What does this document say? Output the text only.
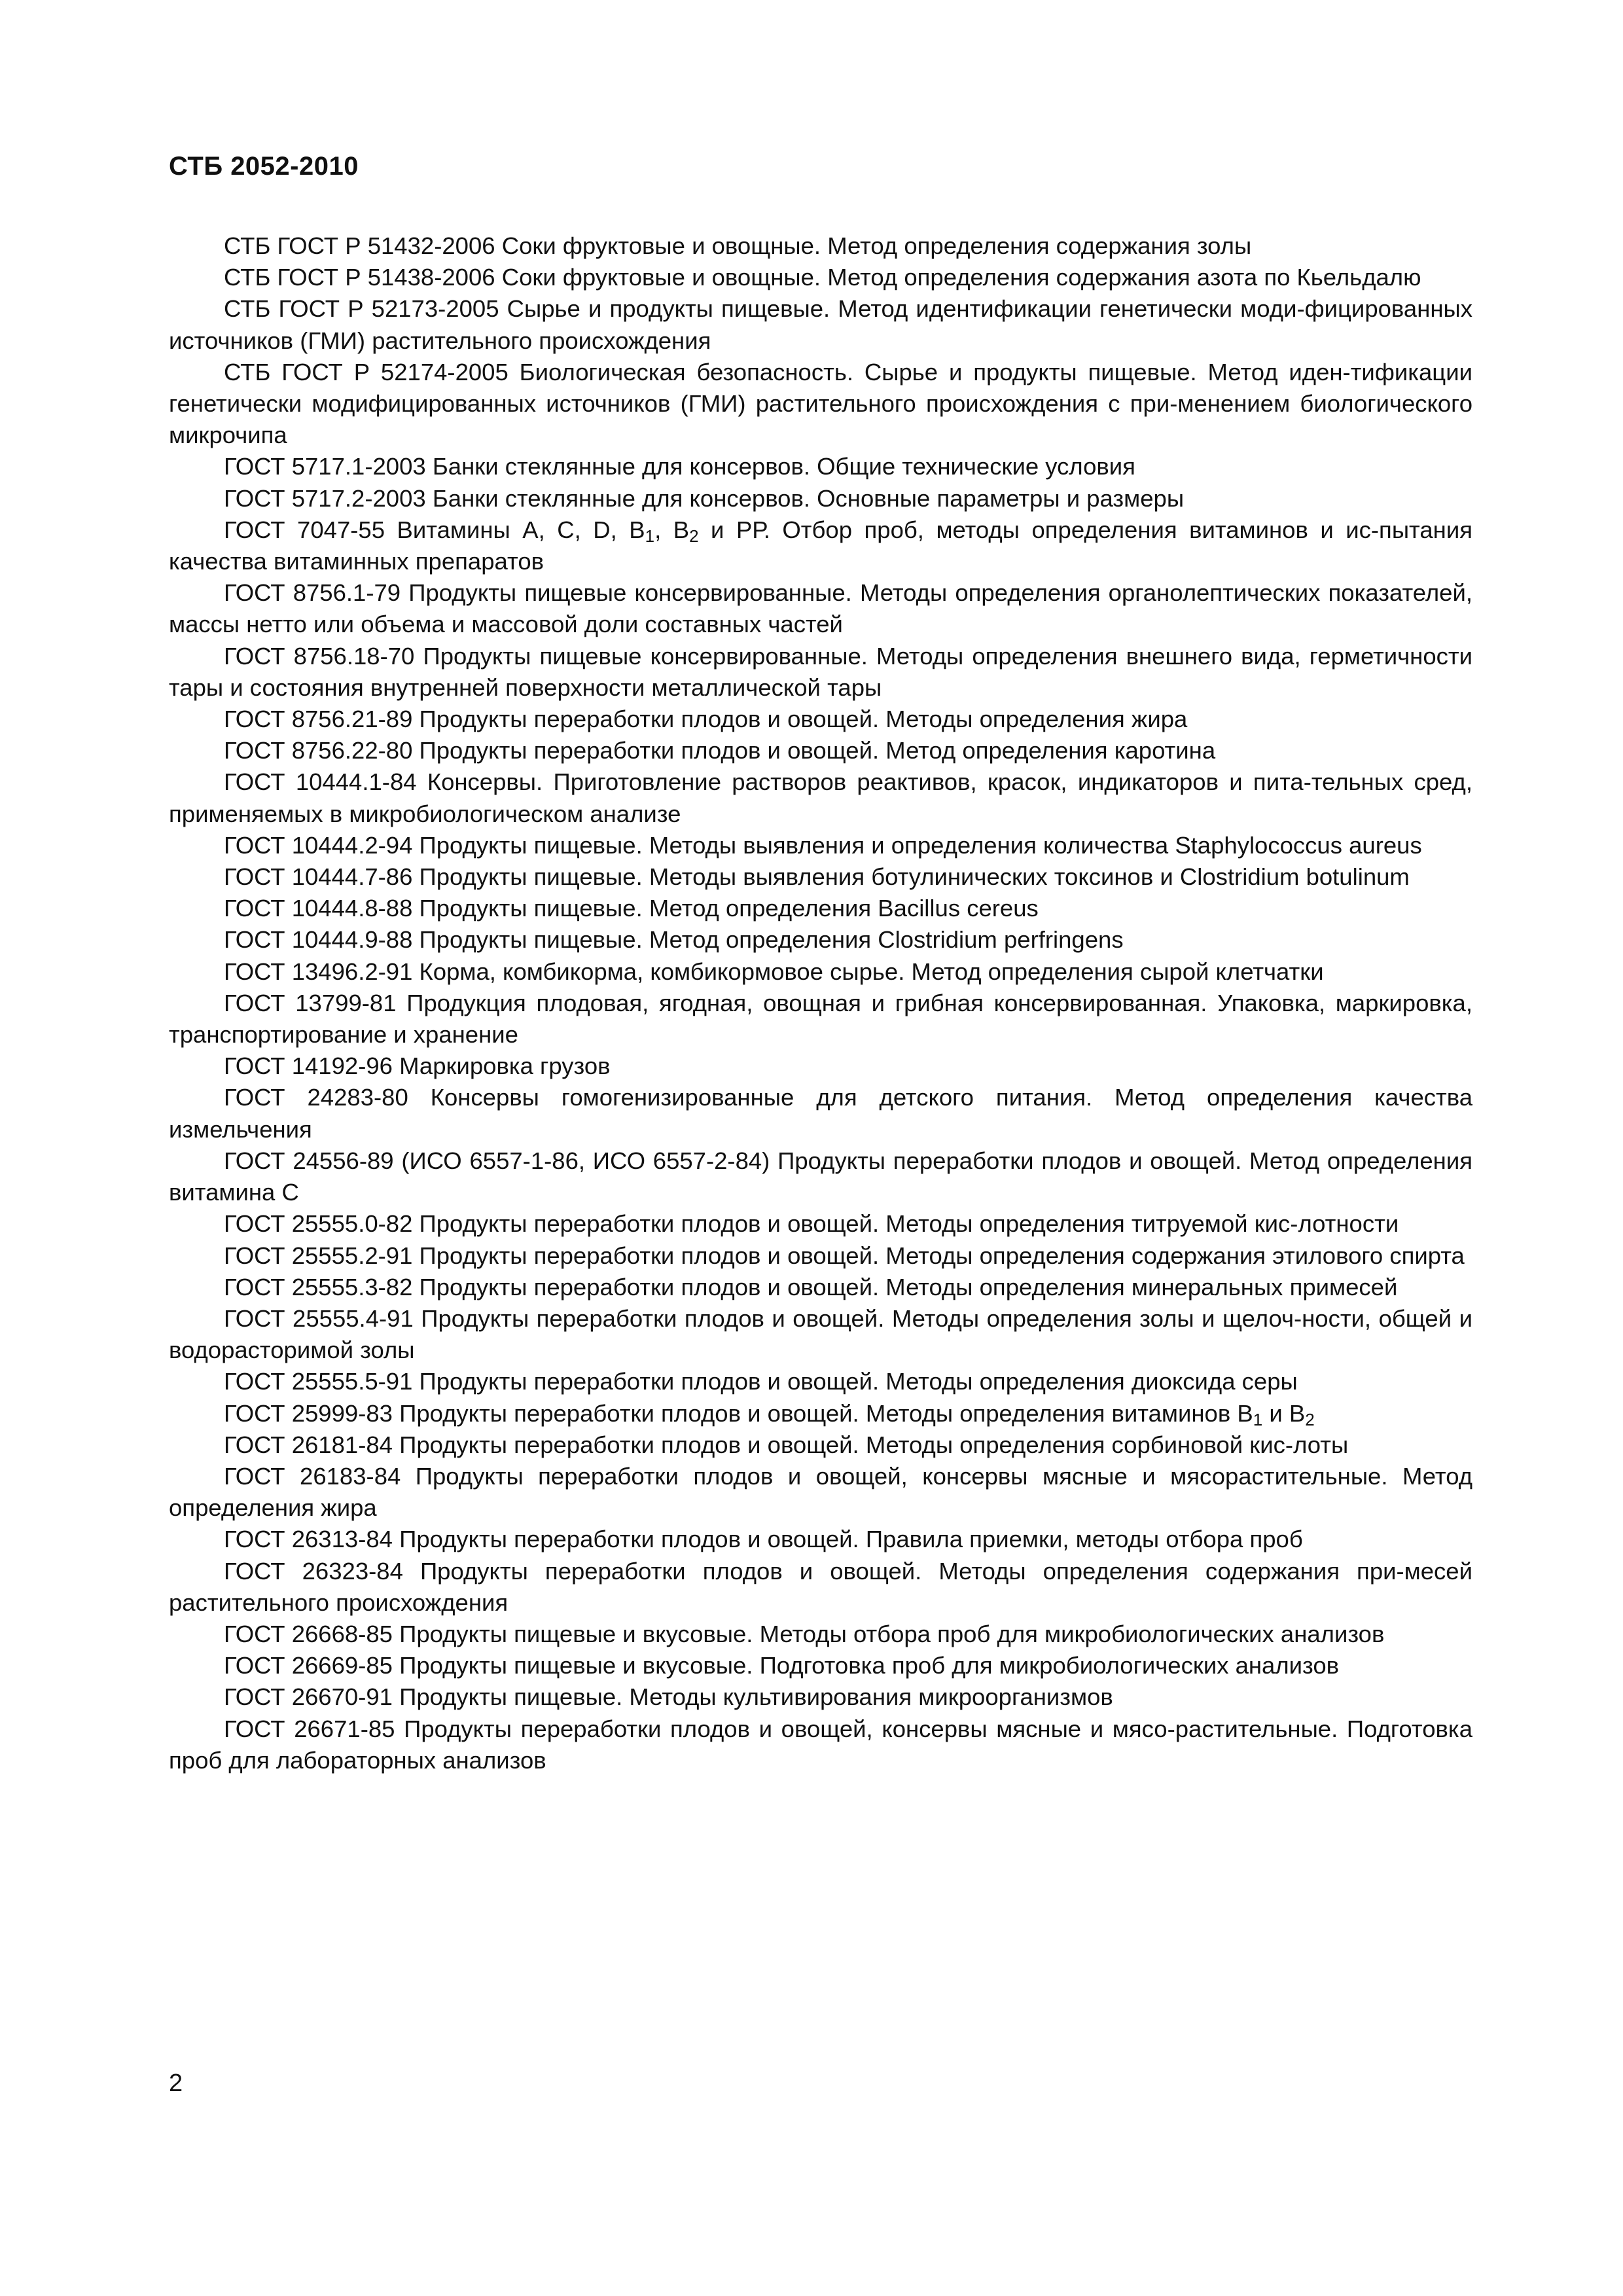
СТБ 2052-2010

СТБ ГОСТ Р 51432-2006 Соки фруктовые и овощные. Метод определения содержания золы

СТБ ГОСТ Р 51438-2006 Соки фруктовые и овощные. Метод определения содержания азота по Кьельдалю

СТБ ГОСТ Р 52173-2005 Сырье и продукты пищевые. Метод идентификации генетически моди-фицированных источников (ГМИ) растительного происхождения

СТБ ГОСТ Р 52174-2005 Биологическая безопасность. Сырье и продукты пищевые. Метод иден-тификации генетически модифицированных источников (ГМИ) растительного происхождения с при-менением биологического микрочипа

ГОСТ 5717.1-2003 Банки стеклянные для консервов. Общие технические условия

ГОСТ 5717.2-2003 Банки стеклянные для консервов. Основные параметры и размеры

ГОСТ 7047-55 Витамины А, С, D, $B_1$, $B_2$ и РР. Отбор проб, методы определения витаминов и ис-пытания качества витаминных препаратов

ГОСТ 8756.1-79 Продукты пищевые консервированные. Методы определения органолептических показателей, массы нетто или объема и массовой доли составных частей

ГОСТ 8756.18-70 Продукты пищевые консервированные. Методы определения внешнего вида, герметичности тары и состояния внутренней поверхности металлической тары

ГОСТ 8756.21-89 Продукты переработки плодов и овощей. Методы определения жира

ГОСТ 8756.22-80 Продукты переработки плодов и овощей. Метод определения каротина

ГОСТ 10444.1-84 Консервы. Приготовление растворов реактивов, красок, индикаторов и пита-тельных сред, применяемых в микробиологическом анализе

ГОСТ 10444.2-94 Продукты пищевые. Методы выявления и определения количества Staphylococcus aureus

ГОСТ 10444.7-86 Продукты пищевые. Методы выявления ботулинических токсинов и Clostridium botulinum

ГОСТ 10444.8-88 Продукты пищевые. Метод определения Bacillus cereus

ГОСТ 10444.9-88 Продукты пищевые. Метод определения Clostridium perfringens

ГОСТ 13496.2-91 Корма, комбикорма, комбикормовое сырье. Метод определения сырой клетчатки

ГОСТ 13799-81 Продукция плодовая, ягодная, овощная и грибная консервированная. Упаковка, маркировка, транспортирование и хранение

ГОСТ 14192-96 Маркировка грузов

ГОСТ 24283-80 Консервы гомогенизированные для детского питания. Метод определения качества измельчения

ГОСТ 24556-89 (ИСО 6557-1-86, ИСО 6557-2-84) Продукты переработки плодов и овощей. Метод определения витамина С

ГОСТ 25555.0-82 Продукты переработки плодов и овощей. Методы определения титруемой кис-лотности

ГОСТ 25555.2-91 Продукты переработки плодов и овощей. Методы определения содержания этилового спирта

ГОСТ 25555.3-82 Продукты переработки плодов и овощей. Методы определения минеральных примесей

ГОСТ 25555.4-91 Продукты переработки плодов и овощей. Методы определения золы и щелоч-ности, общей и водорасторимой золы

ГОСТ 25555.5-91 Продукты переработки плодов и овощей. Методы определения диоксида серы

ГОСТ 25999-83 Продукты переработки плодов и овощей. Методы определения витаминов $В_1$ и $В_2$

ГОСТ 26181-84 Продукты переработки плодов и овощей. Методы определения сорбиновой кис-лоты

ГОСТ 26183-84 Продукты переработки плодов и овощей, консервы мясные и мясорастительные. Метод определения жира

ГОСТ 26313-84 Продукты переработки плодов и овощей. Правила приемки, методы отбора проб

ГОСТ 26323-84 Продукты переработки плодов и овощей. Методы определения содержания при-месей растительного происхождения

ГОСТ 26668-85 Продукты пищевые и вкусовые. Методы отбора проб для микробиологических анализов

ГОСТ 26669-85 Продукты пищевые и вкусовые. Подготовка проб для микробиологических анализов

ГОСТ 26670-91 Продукты пищевые. Методы культивирования микроорганизмов

ГОСТ 26671-85 Продукты переработки плодов и овощей, консервы мясные и мясо-растительные. Подготовка проб для лабораторных анализов

2
